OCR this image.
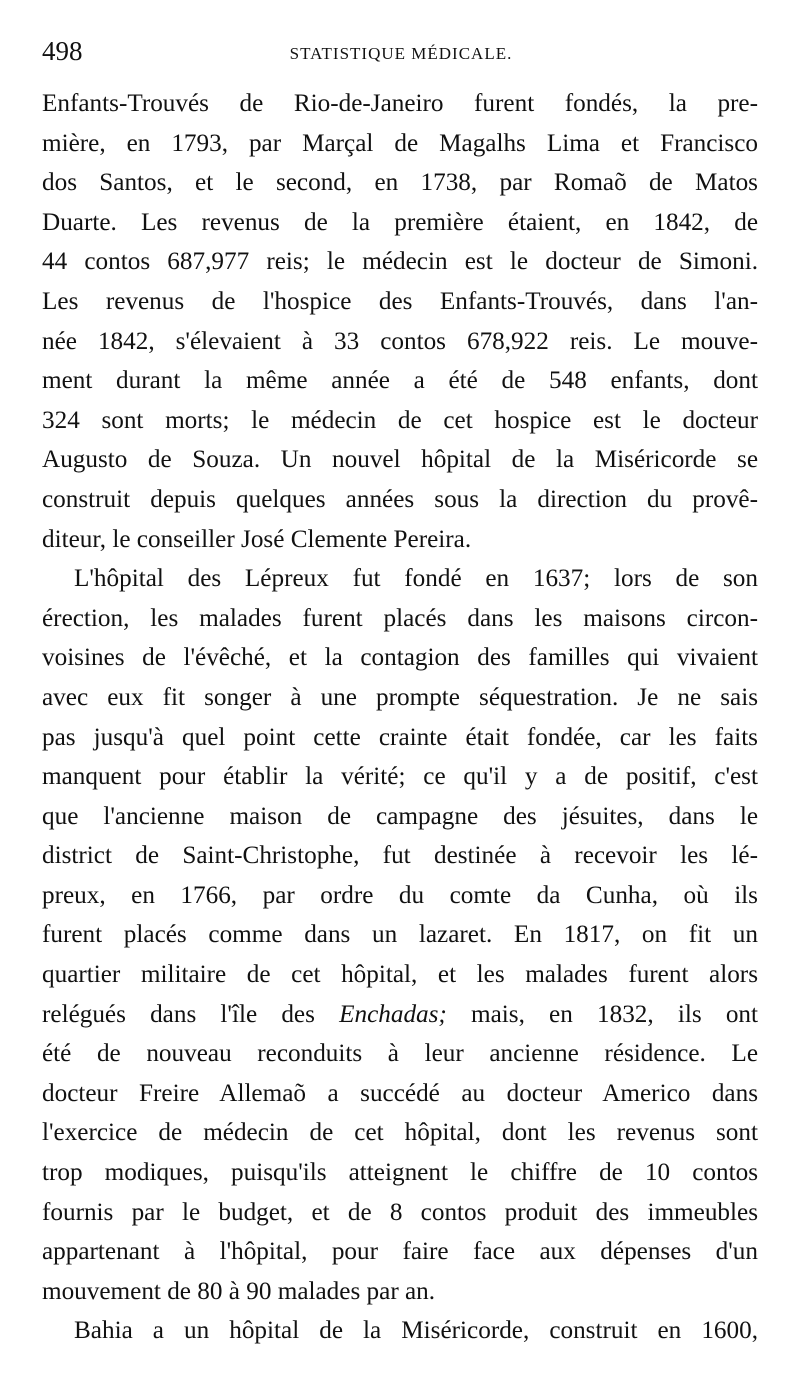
498	STATISTIQUE MÉDICALE.
Enfants-Trouvés de Rio-de-Janeiro furent fondés, la pre-
mière, en 1793, par Marçal de Magalhs Lima et Francisco
dos Santos, et le second, en 1738, par Romaõ de Matos
Duarte. Les revenus de la première étaient, en 1842, de
44 contos 687,977 reis; le médecin est le docteur de Simoni.
Les revenus de l'hospice des Enfants-Trouvés, dans l'an-
née 1842, s'élevaient à 33 contos 678,922 reis. Le mouve-
ment durant la même année a été de 548 enfants, dont
324 sont morts; le médecin de cet hospice est le docteur
Augusto de Souza. Un nouvel hôpital de la Miséricorde se
construit depuis quelques années sous la direction du provê-
diteur, le conseiller José Clemente Pereira.
L'hôpital des Lépreux fut fondé en 1637; lors de son
érection, les malades furent placés dans les maisons circon-
voisines de l'évêché, et la contagion des familles qui vivaient
avec eux fit songer à une prompte séquestration. Je ne sais
pas jusqu'à quel point cette crainte était fondée, car les faits
manquent pour établir la vérité; ce qu'il y a de positif, c'est
que l'ancienne maison de campagne des jésuites, dans le
district de Saint-Christophe, fut destinée à recevoir les lé-
preux, en 1766, par ordre du comte da Cunha, où ils
furent placés comme dans un lazaret. En 1817, on fit un
quartier militaire de cet hôpital, et les malades furent alors
relégués dans l'île des Enchadas; mais, en 1832, ils ont
été de nouveau reconduits à leur ancienne résidence. Le
docteur Freire Allemaõ a succédé au docteur Americo dans
l'exercice de médecin de cet hôpital, dont les revenus sont
trop modiques, puisqu'ils atteignent le chiffre de 10 contos
fournis par le budget, et de 8 contos produit des immeubles
appartenant à l'hôpital, pour faire face aux dépenses d'un
mouvement de 80 à 90 malades par an.
Bahia a un hôpital de la Miséricorde, construit en 1600,
